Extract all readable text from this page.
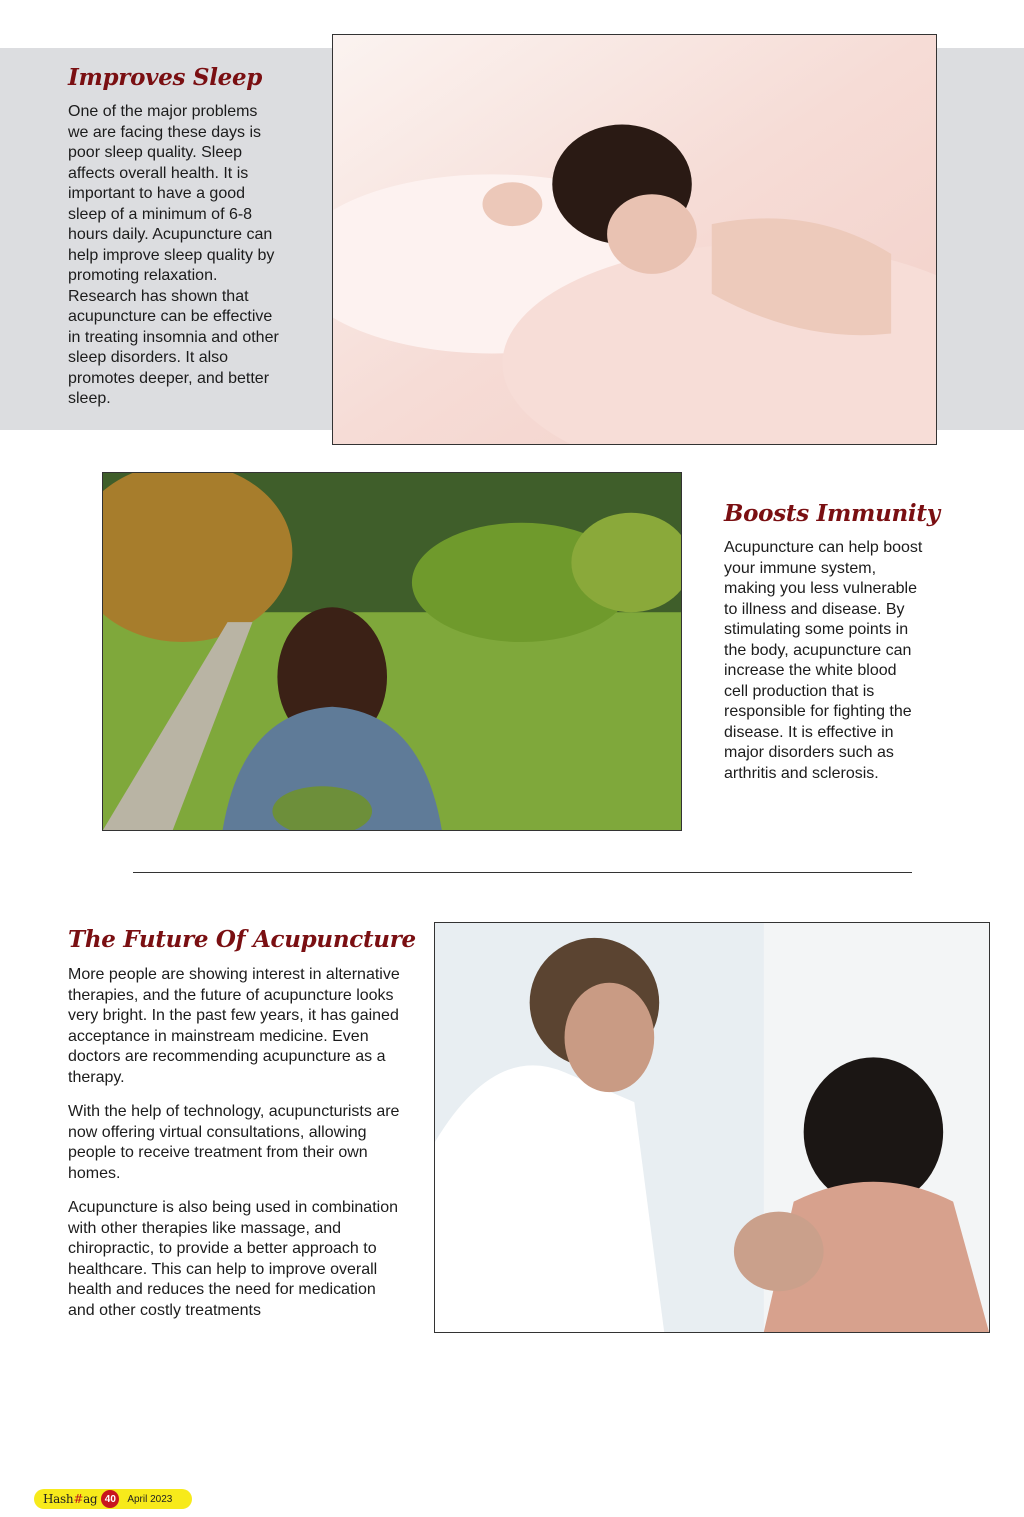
Improves Sleep

One of the major problems we are facing these days is poor sleep quality. Sleep affects overall health. It is important to have a good sleep of a minimum of 6-8 hours daily. Acupuncture can help improve sleep quality by promoting relaxation. Research has shown that acupuncture can be effective in treating insomnia and other sleep disorders. It also promotes deeper, and better sleep.

Boosts Immunity

Acupuncture can help boost your immune system, making you less vulnerable to illness and disease. By stimulating some points in the body, acupuncture can increase the white blood cell production that is responsible for fighting the disease. It is effective in major disorders such as arthritis and sclerosis.

The Future Of Acupuncture

More people are showing interest in alternative therapies, and the future of acupuncture looks very bright. In the past few years, it has gained acceptance in mainstream medicine. Even doctors are recommending acupuncture as a therapy.

With the help of technology, acupuncturists are now offering virtual consultations, allowing people to receive treatment from their own homes.

Acupuncture is also being used in combination with other therapies like massage, and chiropractic, to provide a better approach to healthcare. This can help to improve overall health and reduces the need for medication and other costly treatments

Hash#ag 40	April 2023
